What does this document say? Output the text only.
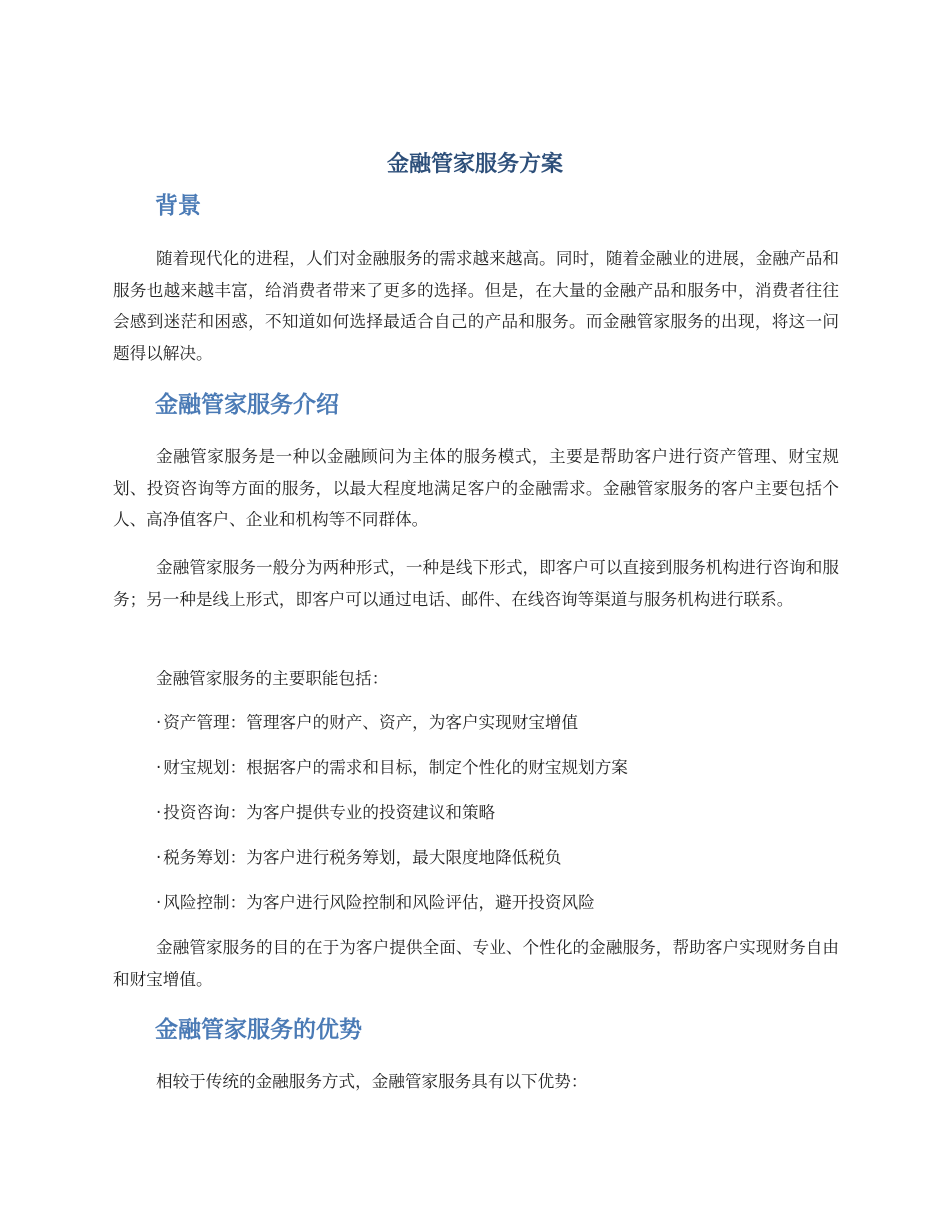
金融管家服务方案
背景

随着现代化的进程，人们对金融服务的需求越来越高。同时，随着金融业的进展，金融产品和服务也越来越丰富，给消费者带来了更多的选择。但是，在大量的金融产品和服务中，消费者往往会感到迷茫和困惑，不知道如何选择最适合自己的产品和服务。而金融管家服务的出现，将这一问题得以解决。

金融管家服务介绍

金融管家服务是一种以金融顾问为主体的服务模式，主要是帮助客户进行资产管理、财宝规划、投资咨询等方面的服务，以最大程度地满足客户的金融需求。金融管家服务的客户主要包括个人、高净值客户、企业和机构等不同群体。

金融管家服务一般分为两种形式，一种是线下形式，即客户可以直接到服务机构进行咨询和服务；另一种是线上形式，即客户可以通过电话、邮件、在线咨询等渠道与服务机构进行联系。

金融管家服务的主要职能包括：

· 资产管理：管理客户的财产、资产，为客户实现财宝增值

· 财宝规划：根据客户的需求和目标，制定个性化的财宝规划方案

· 投资咨询：为客户提供专业的投资建议和策略

· 税务筹划：为客户进行税务筹划，最大限度地降低税负

· 风险控制：为客户进行风险控制和风险评估，避开投资风险

金融管家服务的目的在于为客户提供全面、专业、个性化的金融服务，帮助客户实现财务自由和财宝增值。

金融管家服务的优势

相较于传统的金融服务方式，金融管家服务具有以下优势：
